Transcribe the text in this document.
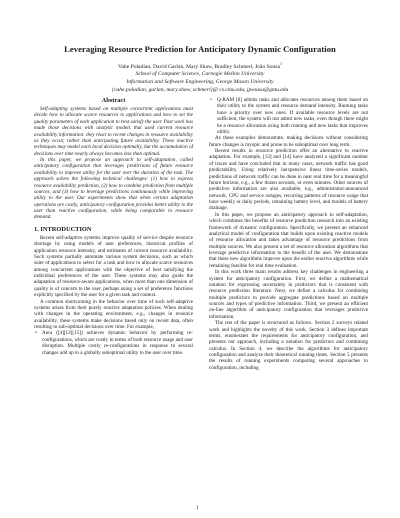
Leveraging Resource Prediction for Anticipatory Dynamic Configuration
Vahe Poladian, David Garlan, Mary Shaw, Bradley Schmerl, João Sousa$^1$
School of Computer Science, Carnegie Mellon University
Information and Software Engineering, George Mason University
{vahe.poladian, garlan, mary.shaw, schmerl}@ cs.cmu.edu, jpsousa@gmu.edu
Abstract

Self-adapting systems based on multiple concurrent applications must decide how to allocate scarce resources to applications and how to set the quality parameters of each application to best satisfy the user. Past work has made those decisions with analytic models that used current resource availability information: they react to recent changes in resource availability as they occur, rather than anticipating future availability. These reactive techniques may model each local decision optimally, but the accumulation of decisions over time nearly always becomes less than optimal.

In this paper, we propose an approach to self-adaptation, called anticipatory configuration that leverages predictions of future resource availability to improve utility for the user over the duration of the task. The approach solves the following technical challenges: (1) how to express resource availability prediction, (2) how to combine prediction from multiple sources, and (3) how to leverage predictions continuously while improving utility to the user. Our experiments show that when certain adaptation operations are costly, anticipatory configuration provides better utility to the user than reactive configuration, while being comparable in resource demand.

1. INTRODUCTION

Recent self-adaptive systems improve quality of service despite resource shortage by using models of user preferences, historical profiles of application resource intensity, and estimates of current resource availability. Such systems partially automate various system decisions, such as which suite of applications to select for a task and how to allocate scarce resources among concurrent applications with the objective of best satisfying the individual preferences of the user. These systems may also guide the adaptation of resource-aware applications, when more than one dimension of quality is of concern to the user, perhaps using a set of preference functions explicitly specified by the user for a given task and context.

A common shortcoming in the behavior over time of such self-adaptive systems arises from their purely reactive adaptation policies. When dealing with changes in the operating environment, e.g., changes in resource availability, these systems make decisions based only on recent data, often resulting in sub-optimal decisions over time. For example,

• Aura ([4][12][15]) achieves dynamic behavior by performing re-configurations, which are costly in terms of both resource usage and user disruption. Multiple costly re-configurations in response to several changes add up to a globally suboptimal utility to the user over time.
• Q-RAM [8] admits tasks and allocates resources among them based on their utility to the system and resource demand intensity. Running tasks have a priority over new ones. If available resource levels are not sufficient, the system will not admit new tasks, even though there might be a resource allocation using both running and new tasks that improves utility.

As these examples demonstrate, making decisions without considering future changes is myopic and prone to be suboptimal over long term.

Recent results in resource prediction offer an alternative to reactive adaptation. For example, [13] and [14] have analyzed a significant number of traces and have concluded that in many cases, network traffic has good predictability. Using relatively inexpensive linear time-series models, predictions of network traffic can be done in near real time for a meaningful future horizon, e.g., a few dozen seconds, or even minutes. Other sources of predictive information are also available, e.g., administrator-announced network, CPU and service outages, recurring patterns of resource usage that have weekly or daily periods, remaining battery level, and models of battery drainage.

In this paper, we propose an anticipatory approach to self-adaptation, which combines the benefits of resource prediction research into an existing framework of dynamic configuration. Specifically, we present an enhanced analytical model of configuration that builds upon existing reactive models of resource allocation and takes advantage of resource predictions from multiple sources. We also present a set of resource allocation algorithms that leverage predictive information to the benefit of the user. We demonstrate that these new algorithms improve upon the earlier reactive algorithms while remaining feasible for real time evaluation.

In this work three main results address key challenges in engineering a system for anticipatory configuration. First, we define a mathematical notation for expressing uncertainty in predictors that is consistent with resource prediction literature. Next, we define a calculus for combining multiple predictors to provide aggregate predictions based on multiple sources and types of predictive information. Third, we present an efficient on-line algorithm of anticipatory configuration that leverages predictive information.

The rest of the paper is structured as follows. Section 2 surveys related work and highlights the novelty of this work. Section 3 defines important terms, enumerates the requirements for anticipatory configuration, and presents our approach, including a notation for predictors and combining calculus. In Section 4, we describe the algorithms for anticipatory configuration and analyze their theoretical running times. Section 5 presents the results of running experiments comparing several approaches to configuration, including

1
